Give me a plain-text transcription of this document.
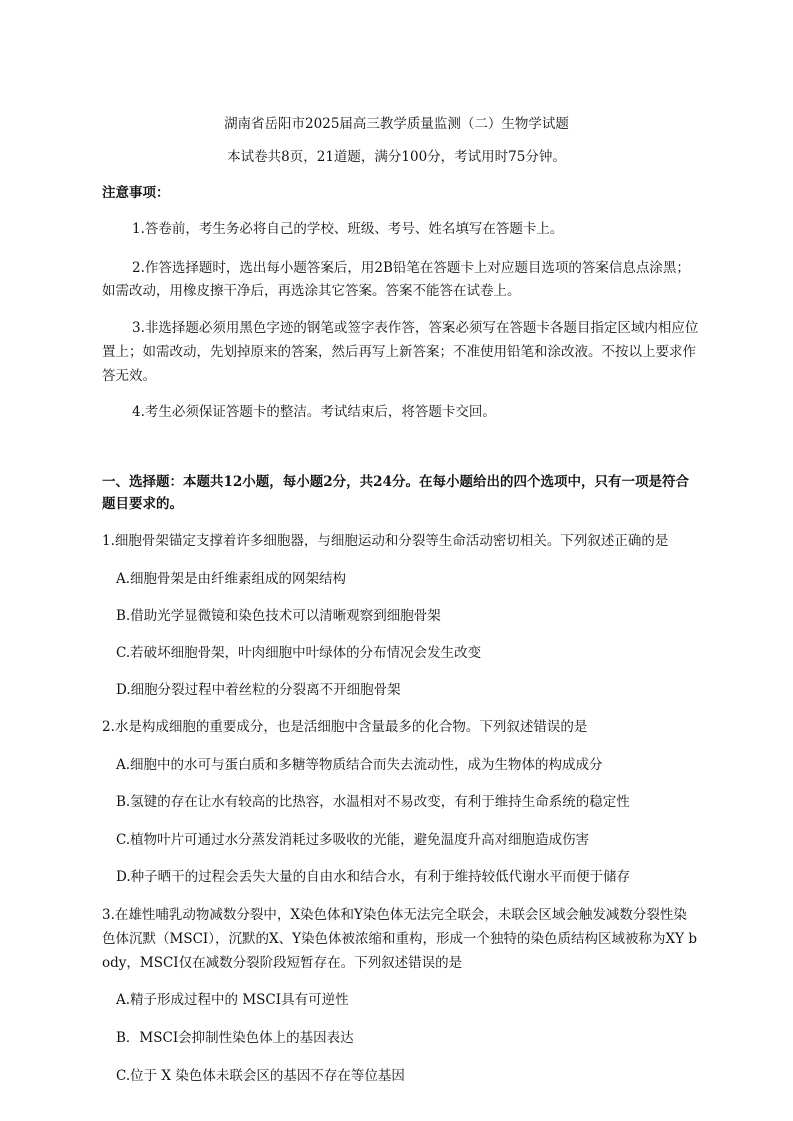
湖南省岳阳市2025届高三教学质量监测（二）生物学试题
本试卷共8页，21道题，满分100分，考试用时75分钟。
注意事项：
1.答卷前，考生务必将自己的学校、班级、考号、姓名填写在答题卡上。
2.作答选择题时，选出每小题答案后，用2B铅笔在答题卡上对应题目选项的答案信息点涂黑；
如需改动，用橡皮擦干净后，再选涂其它答案。答案不能答在试卷上。
3.非选择题必须用黑色字迹的钢笔或签字表作答，答案必须写在答题卡各题目指定区域内相应位
置上；如需改动，先划掉原来的答案，然后再写上新答案；不准使用铅笔和涂改液。不按以上要求作
答无效。
4.考生必须保证答题卡的整洁。考试结束后，将答题卡交回。
一、选择题：本题共12小题，每小题2分，共24分。在每小题给出的四个选项中，只有一项是符合
题目要求的。
1.细胞骨架锚定支撑着许多细胞器，与细胞运动和分裂等生命活动密切相关。下列叙述正确的是
A.细胞骨架是由纤维素组成的网架结构
B.借助光学显微镜和染色技术可以清晰观察到细胞骨架
C.若破坏细胞骨架，叶肉细胞中叶绿体的分布情况会发生改变
D.细胞分裂过程中着丝粒的分裂离不开细胞骨架
2.水是构成细胞的重要成分，也是活细胞中含量最多的化合物。下列叙述错误的是
A.细胞中的水可与蛋白质和多糖等物质结合而失去流动性，成为生物体的构成成分
B.氢键的存在让水有较高的比热容，水温相对不易改变，有利于维持生命系统的稳定性
C.植物叶片可通过水分蒸发消耗过多吸收的光能，避免温度升高对细胞造成伤害
D.种子晒干的过程会丢失大量的自由水和结合水，有利于维持较低代谢水平而便于储存
3.在雄性哺乳动物减数分裂中，X染色体和Y染色体无法完全联会，未联会区域会触发减数分裂性染
色体沉默（MSCI），沉默的X、Y染色体被浓缩和重构，形成一个独特的染色质结构区域被称为XY b
ody，MSCI仅在减数分裂阶段短暂存在。下列叙述错误的是
A.精子形成过程中的 MSCI具有可逆性
B．MSCI会抑制性染色体上的基因表达
C.位于 X 染色体未联会区的基因不存在等位基因
